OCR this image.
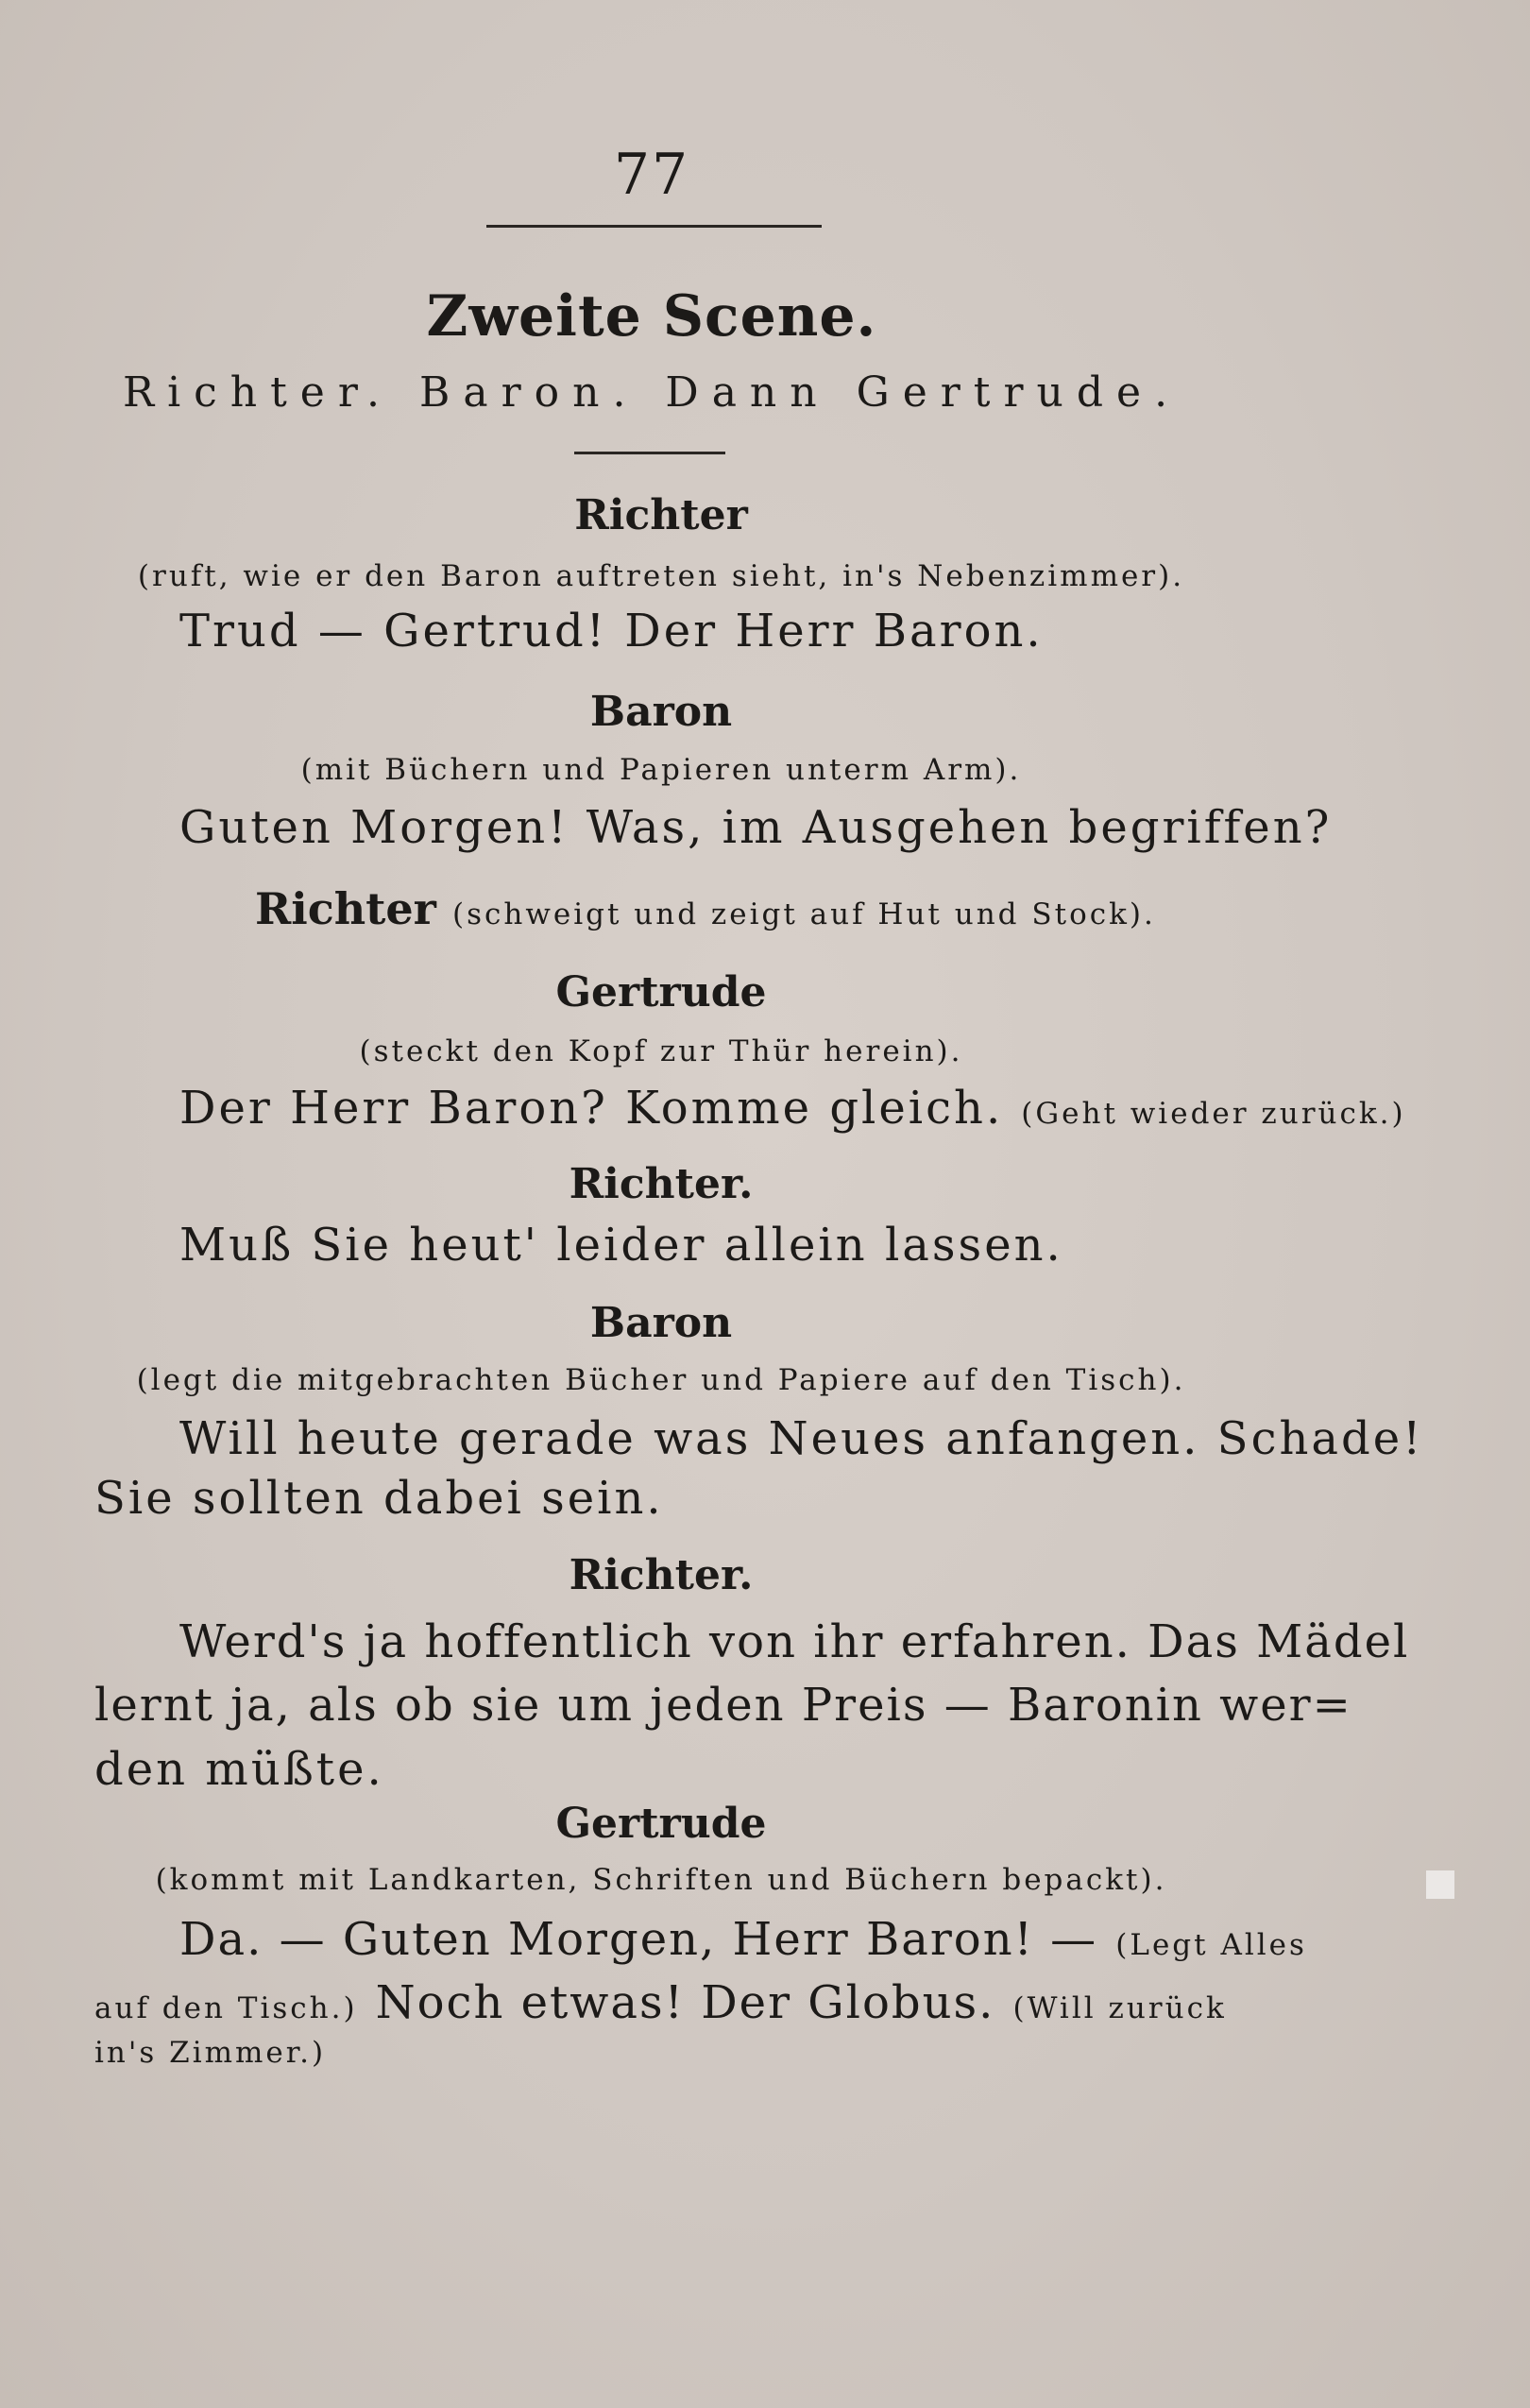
77
Zweite Scene.
Richter. Baron. Dann Gertrude.
Richter
(ruft, wie er den Baron auftreten sieht, in's Nebenzimmer).
Trud — Gertrud! Der Herr Baron.
Baron
(mit Büchern und Papieren unterm Arm).
Guten Morgen! Was, im Ausgehen begriffen?
Richter (schweigt und zeigt auf Hut und Stock).
Gertrude
(steckt den Kopf zur Thür herein).
Der Herr Baron? Komme gleich. (Geht wieder zurück.)
Richter.
Muß Sie heut' leider allein lassen.
Baron
(legt die mitgebrachten Bücher und Papiere auf den Tisch).
Will heute gerade was Neues anfangen. Schade!
Sie sollten dabei sein.
Richter.
Werd's ja hoffentlich von ihr erfahren. Das Mädel
lernt ja, als ob sie um jeden Preis — Baronin wer=
den müßte.
Gertrude
(kommt mit Landkarten, Schriften und Büchern bepackt).
Da. — Guten Morgen, Herr Baron! — (Legt Alles
auf den Tisch.) Noch etwas! Der Globus. (Will zurück
in's Zimmer.)
